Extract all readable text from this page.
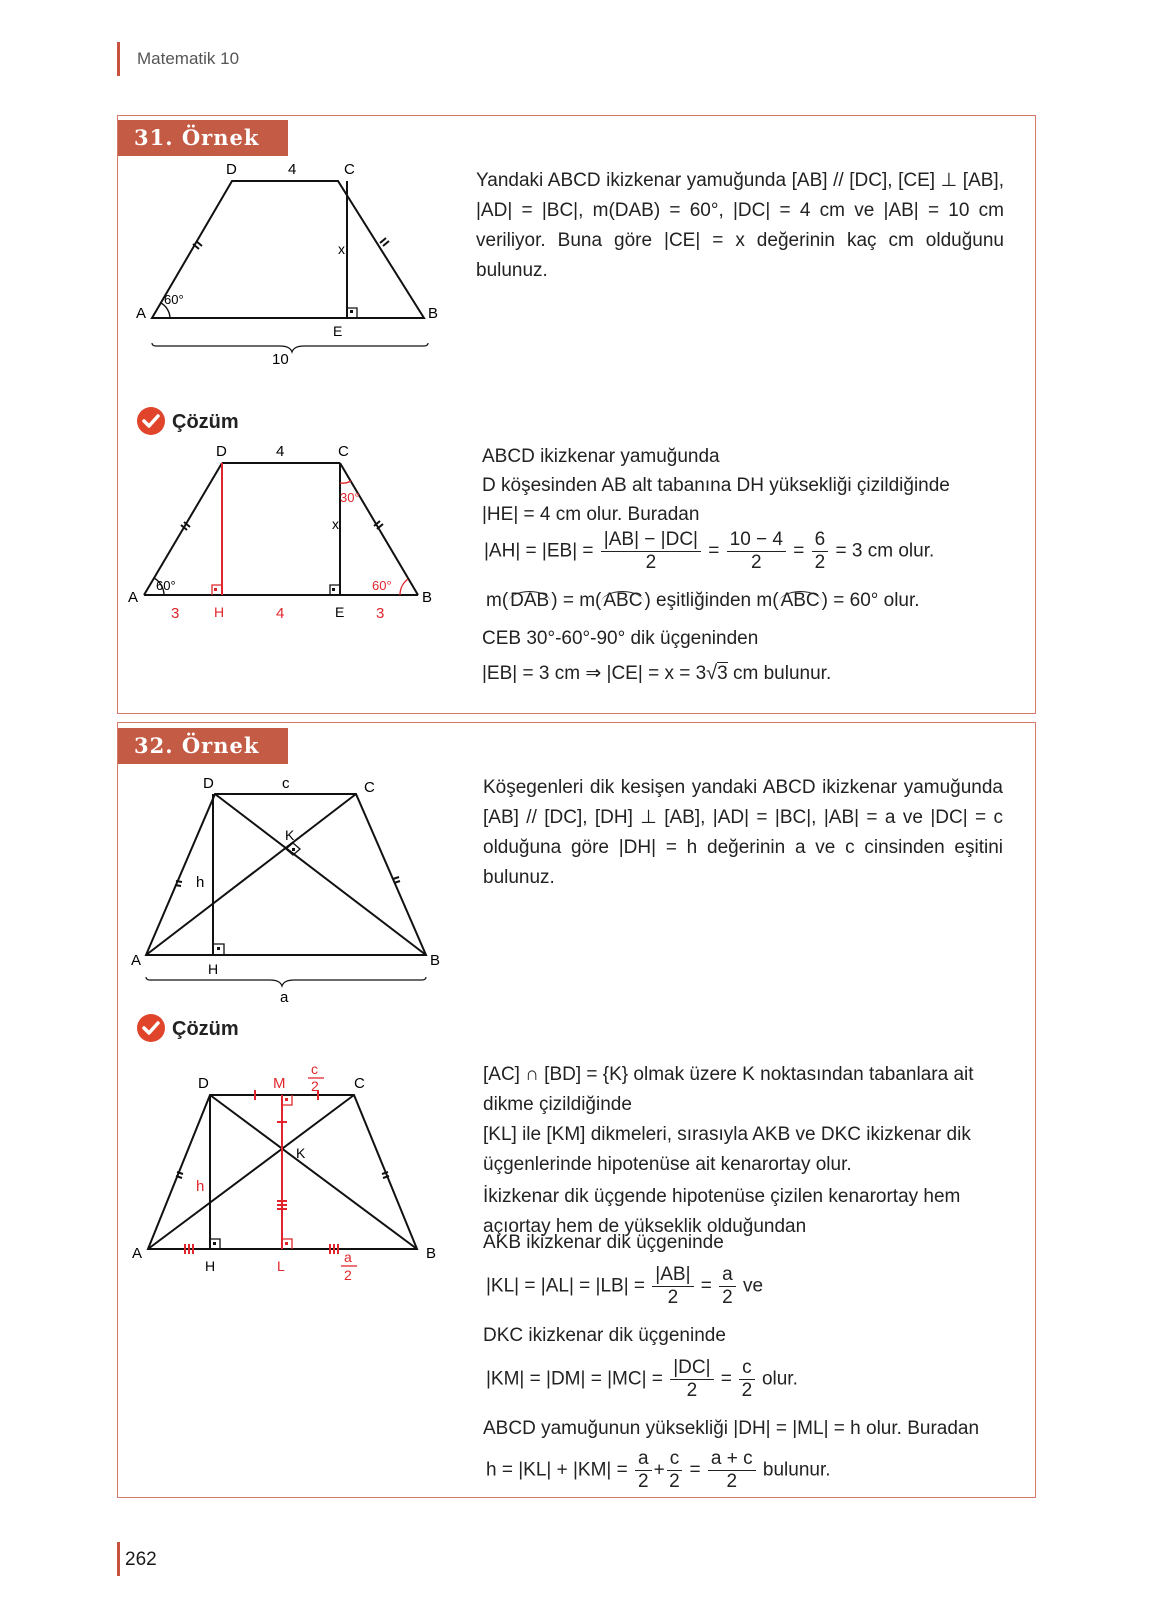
Matematik 10
31. Örnek
D	4	C
x
A
60°
B
E
10
Yandaki ABCD ikizkenar yamuğunda [AB] // [DC], [CE] ⊥ [AB], |AD| = |BC|, m(DAB) = 60°, |DC| = 4 cm ve |AB| = 10 cm veriliyor. Buna göre |CE| = x değerinin kaç cm olduğunu bulunuz.
Çözüm
D	4	C
x
30°
A
60°	60°
B
3 H	4	E 3
ABCD ikizkenar yamuğunda
D köşesinden AB alt tabanına DH yüksekliği çizildiğinde
|HE| = 4 cm olur. Buradan
$|AH| = |EB| = \frac{|AB| - |DC|}{2} = \frac{10 - 4}{2} = \frac{6}{2} = 3$ cm olur.
m( DAB ) = m( ABC ) eşitliğinden m( ABC ) = 60° olur.
CEB 30°-60°-90° dik üçgeninden
|EB| = 3 cm ⇒ |CE| = x = 3√3 cm bulunur.
32. Örnek
D	c	C
K
h
A	B
H
a
Köşegenleri dik kesişen yandaki ABCD ikizkenar yamuğunda [AB] // [DC], [DH] ⊥ [AB], |AD| = |BC|, |AB| = a ve |DC| = c olduğuna göre |DH| = h değerinin a ve c cinsinden eşitini bulunuz.
Çözüm
D	M
c
2 C
K
h
A	B
H	L
a
2
[AC] ∩ [BD] = {K} olmak üzere K noktasından tabanlara ait dikme çizildiğinde
[KL] ile [KM] dikmeleri, sırasıyla AKB ve DKC ikizkenar dik üçgenlerinde hipotenüse ait kenarortay olur.
İkizkenar dik üçgende hipotenüse çizilen kenarortay hem açıortay hem de yükseklik olduğundan
AKB ikizkenar dik üçgeninde
$|KL| = |AL| = |LB| = \frac{|AB|}{2} = \frac{a}{2}$ ve
DKC ikizkenar dik üçgeninde
$|KM| = |DM| = |MC| = \frac{|DC|}{2} = \frac{c}{2}$ olur.
ABCD yamuğunun yüksekliği |DH| = |ML| = h olur. Buradan
$h = |KL| + |KM| = \frac{a}{2} + \frac{c}{2} = \frac{a + c}{2}$ bulunur.
262
